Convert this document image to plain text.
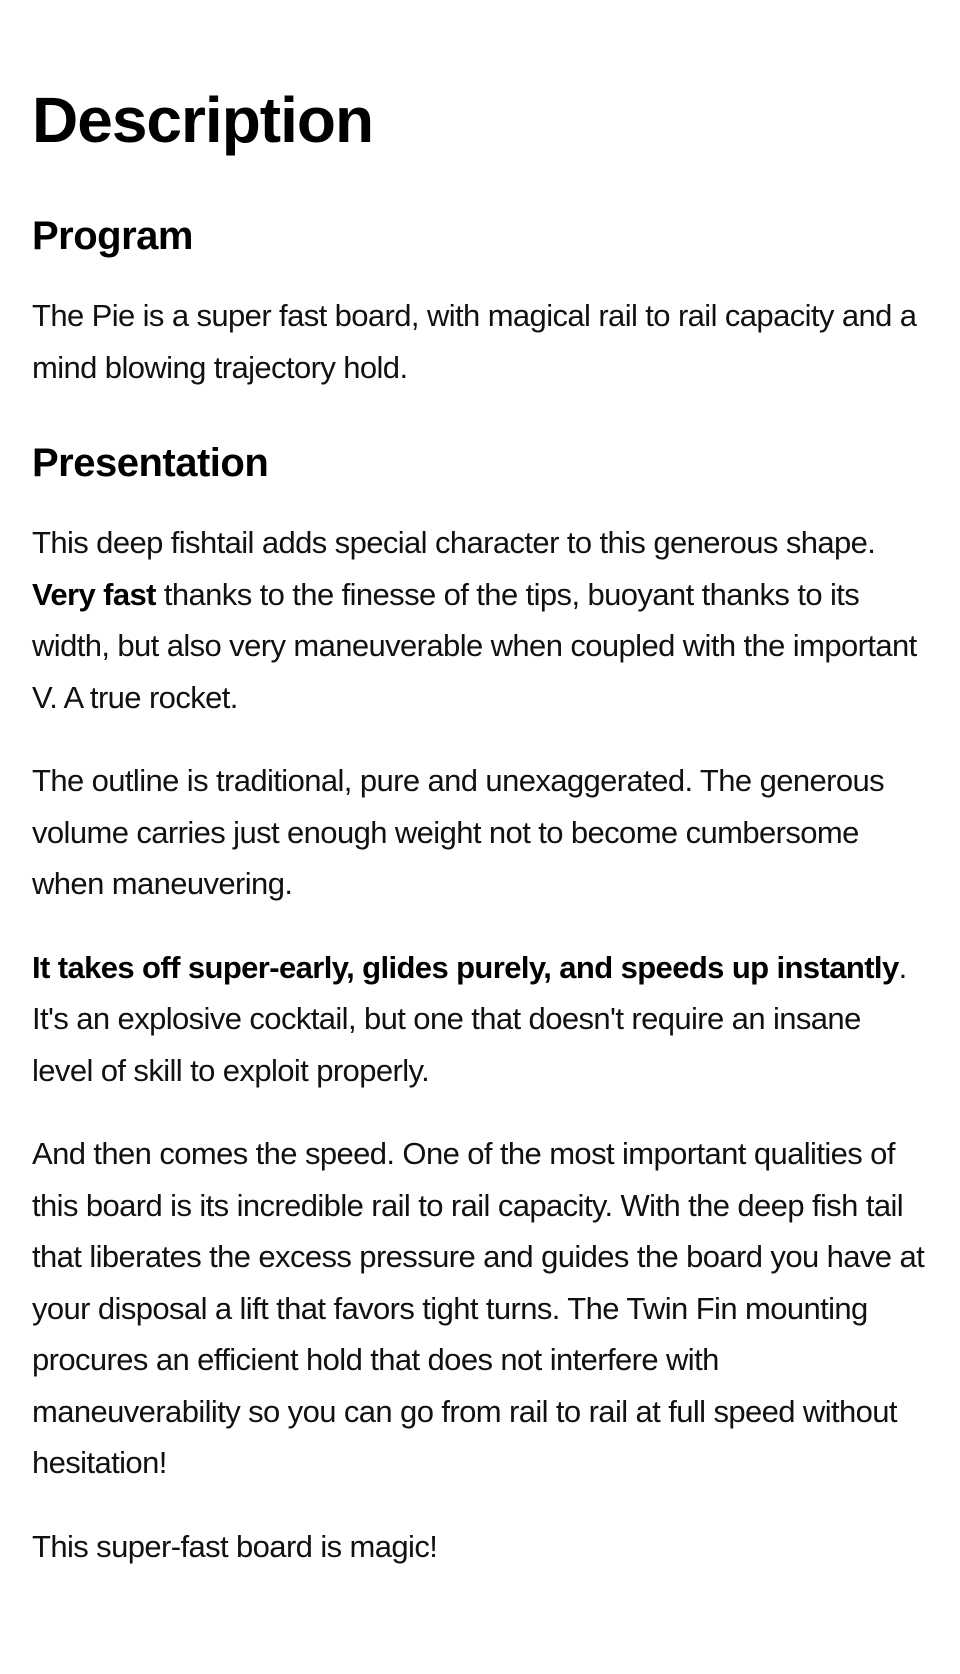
Description
Program

The Pie is a super fast board, with magical rail to rail capacity and a mind blowing trajectory hold.

Presentation

This deep fishtail adds special character to this generous shape. Very fast thanks to the finesse of the tips, buoyant thanks to its width, but also very maneuverable when coupled with the important V. A true rocket.

The outline is traditional, pure and unexaggerated. The generous volume carries just enough weight not to become cumbersome when maneuvering.

It takes off super-early, glides purely, and speeds up instantly. It's an explosive cocktail, but one that doesn't require an insane level of skill to exploit properly.

And then comes the speed. One of the most important qualities of this board is its incredible rail to rail capacity. With the deep fish tail that liberates the excess pressure and guides the board you have at your disposal a lift that favors tight turns. The Twin Fin mounting procures an efficient hold that does not interfere with maneuverability so you can go from rail to rail at full speed without hesitation!

This super-fast board is magic!
